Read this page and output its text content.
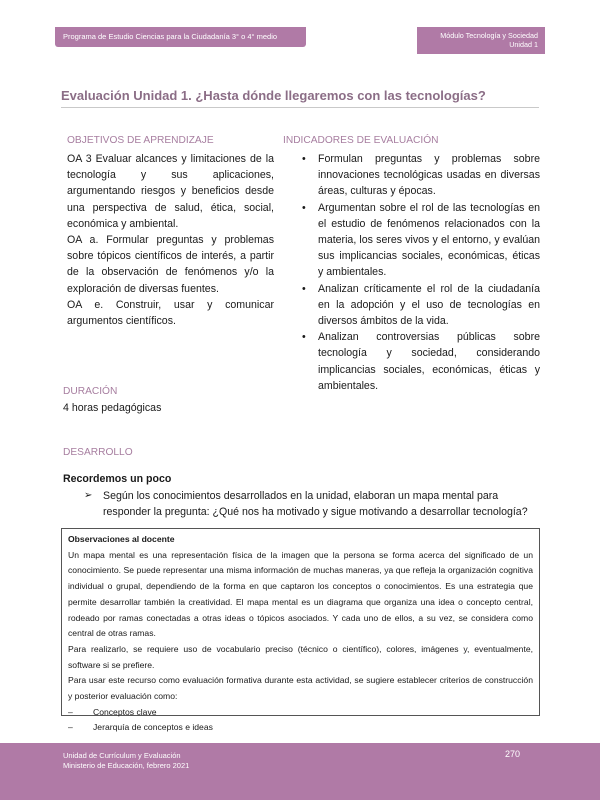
Programa de Estudio Ciencias para la Ciudadanía 3° o 4° medio	Módulo Tecnología y Sociedad
Unidad 1
Evaluación Unidad 1. ¿Hasta dónde llegaremos con las tecnologías?
OBJETIVOS DE APRENDIZAJE

OA 3 Evaluar alcances y limitaciones de la tecnología y sus aplicaciones, argumentando riesgos y beneficios desde una perspectiva de salud, ética, social, económica y ambiental.

OA a. Formular preguntas y problemas sobre tópicos científicos de interés, a partir de la observación de fenómenos y/o la exploración de diversas fuentes.

OA e. Construir, usar y comunicar argumentos científicos.

INDICADORES DE EVALUACIÓN
• Formulan preguntas y problemas sobre innovaciones tecnológicas usadas en diversas áreas, culturas y épocas.
• Argumentan sobre el rol de las tecnologías en el estudio de fenómenos relacionados con la materia, los seres vivos y el entorno, y evalúan sus implicancias sociales, económicas, éticas y ambientales.
• Analizan críticamente el rol de la ciudadanía en la adopción y el uso de tecnologías en diversos ámbitos de la vida.
• Analizan controversias públicas sobre tecnología y sociedad, considerando implicancias sociales, económicas, éticas y ambientales.
DURACIÓN
4 horas pedagógicas
DESARROLLO
Recordemos un poco
➢	Según los conocimientos desarrollados en la unidad, elaboran un mapa mental para responder la pregunta: ¿Qué nos ha motivado y sigue motivando a desarrollar tecnología?
Observaciones al docente

Un mapa mental es una representación física de la imagen que la persona se forma acerca del significado de un conocimiento. Se puede representar una misma información de muchas maneras, ya que refleja la organización cognitiva individual o grupal, dependiendo de la forma en que captaron los conceptos o conocimientos. Es una estrategia que permite desarrollar también la creatividad. El mapa mental es un diagrama que organiza una idea o concepto central, rodeado por ramas conectadas a otras ideas o tópicos asociados. Y cada uno de ellos, a su vez, se considera como central de otras ramas.

Para realizarlo, se requiere uso de vocabulario preciso (técnico o científico), colores, imágenes y, eventualmente, software si se prefiere.

Para usar este recurso como evaluación formativa durante esta actividad, se sugiere establecer criterios de construcción y posterior evaluación como:

– Conceptos clave
– Jerarquía de conceptos e ideas
Unidad de Currículum y Evaluación
Ministerio de Educación, febrero 2021
270
